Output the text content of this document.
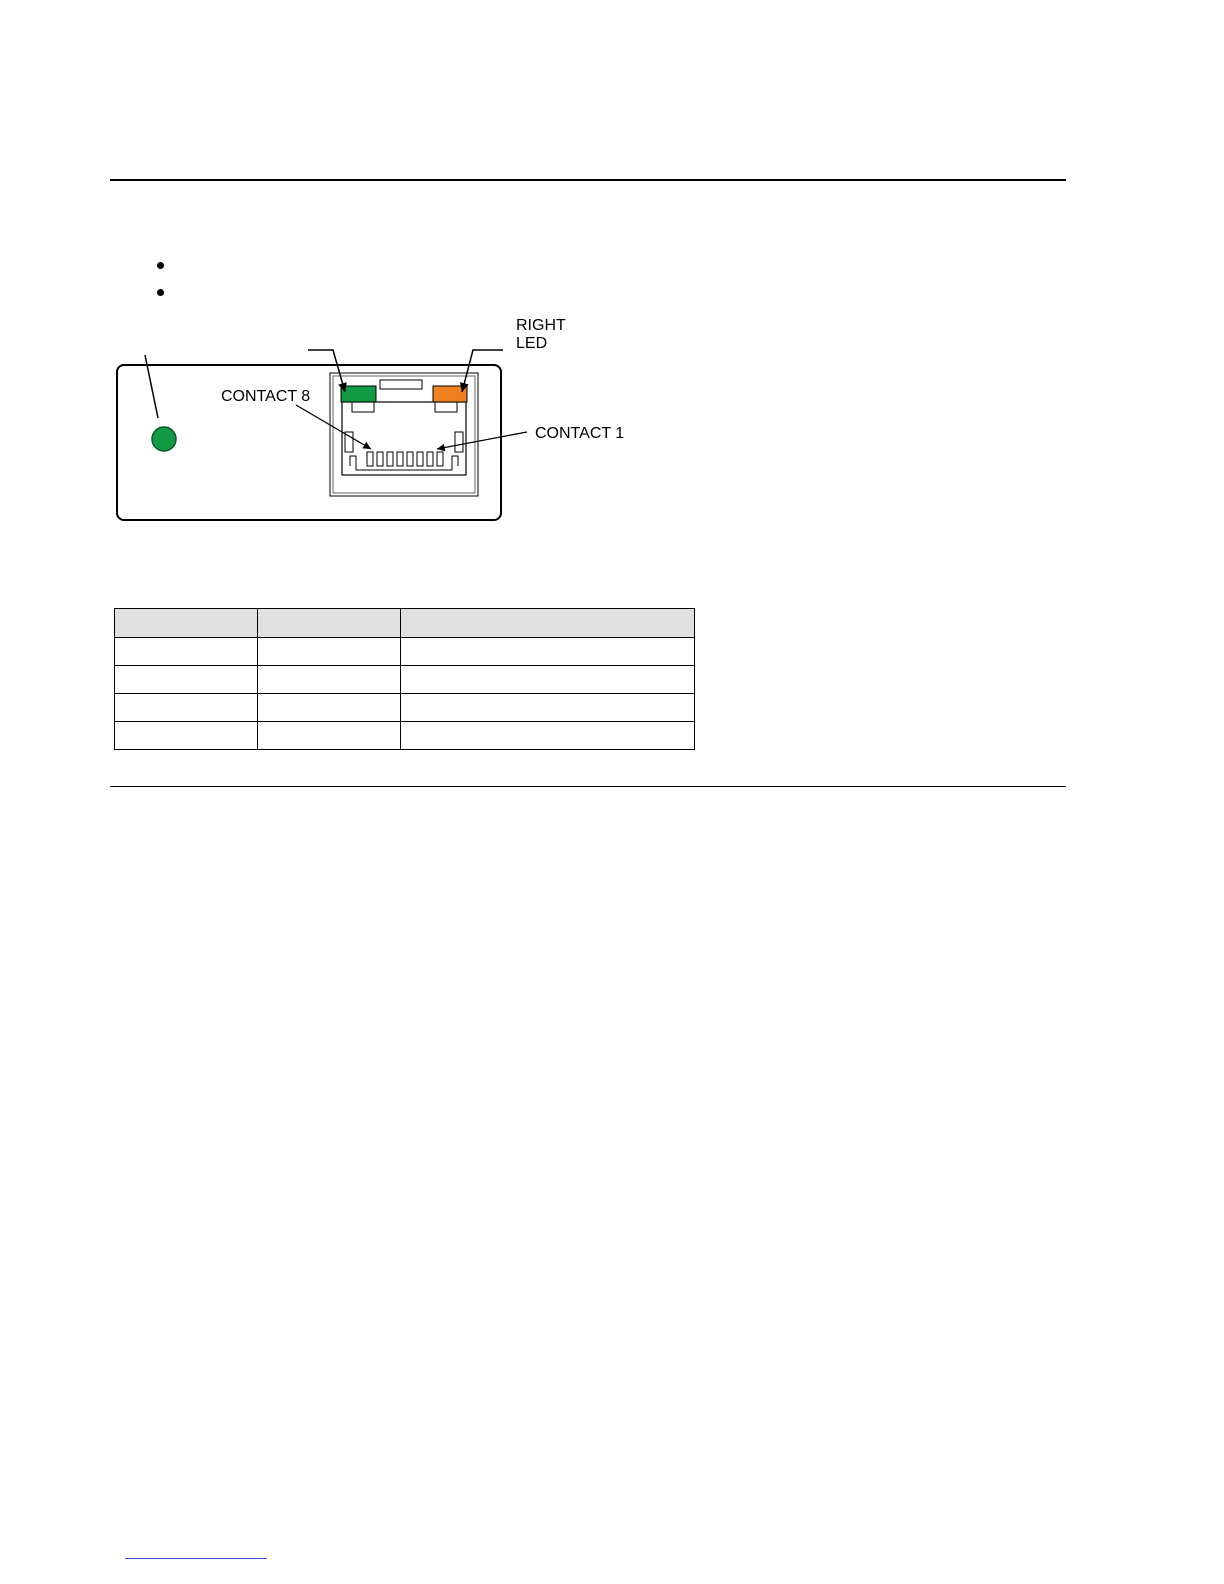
RIGHT
LED
CONTACT 8
CONTACT 1
